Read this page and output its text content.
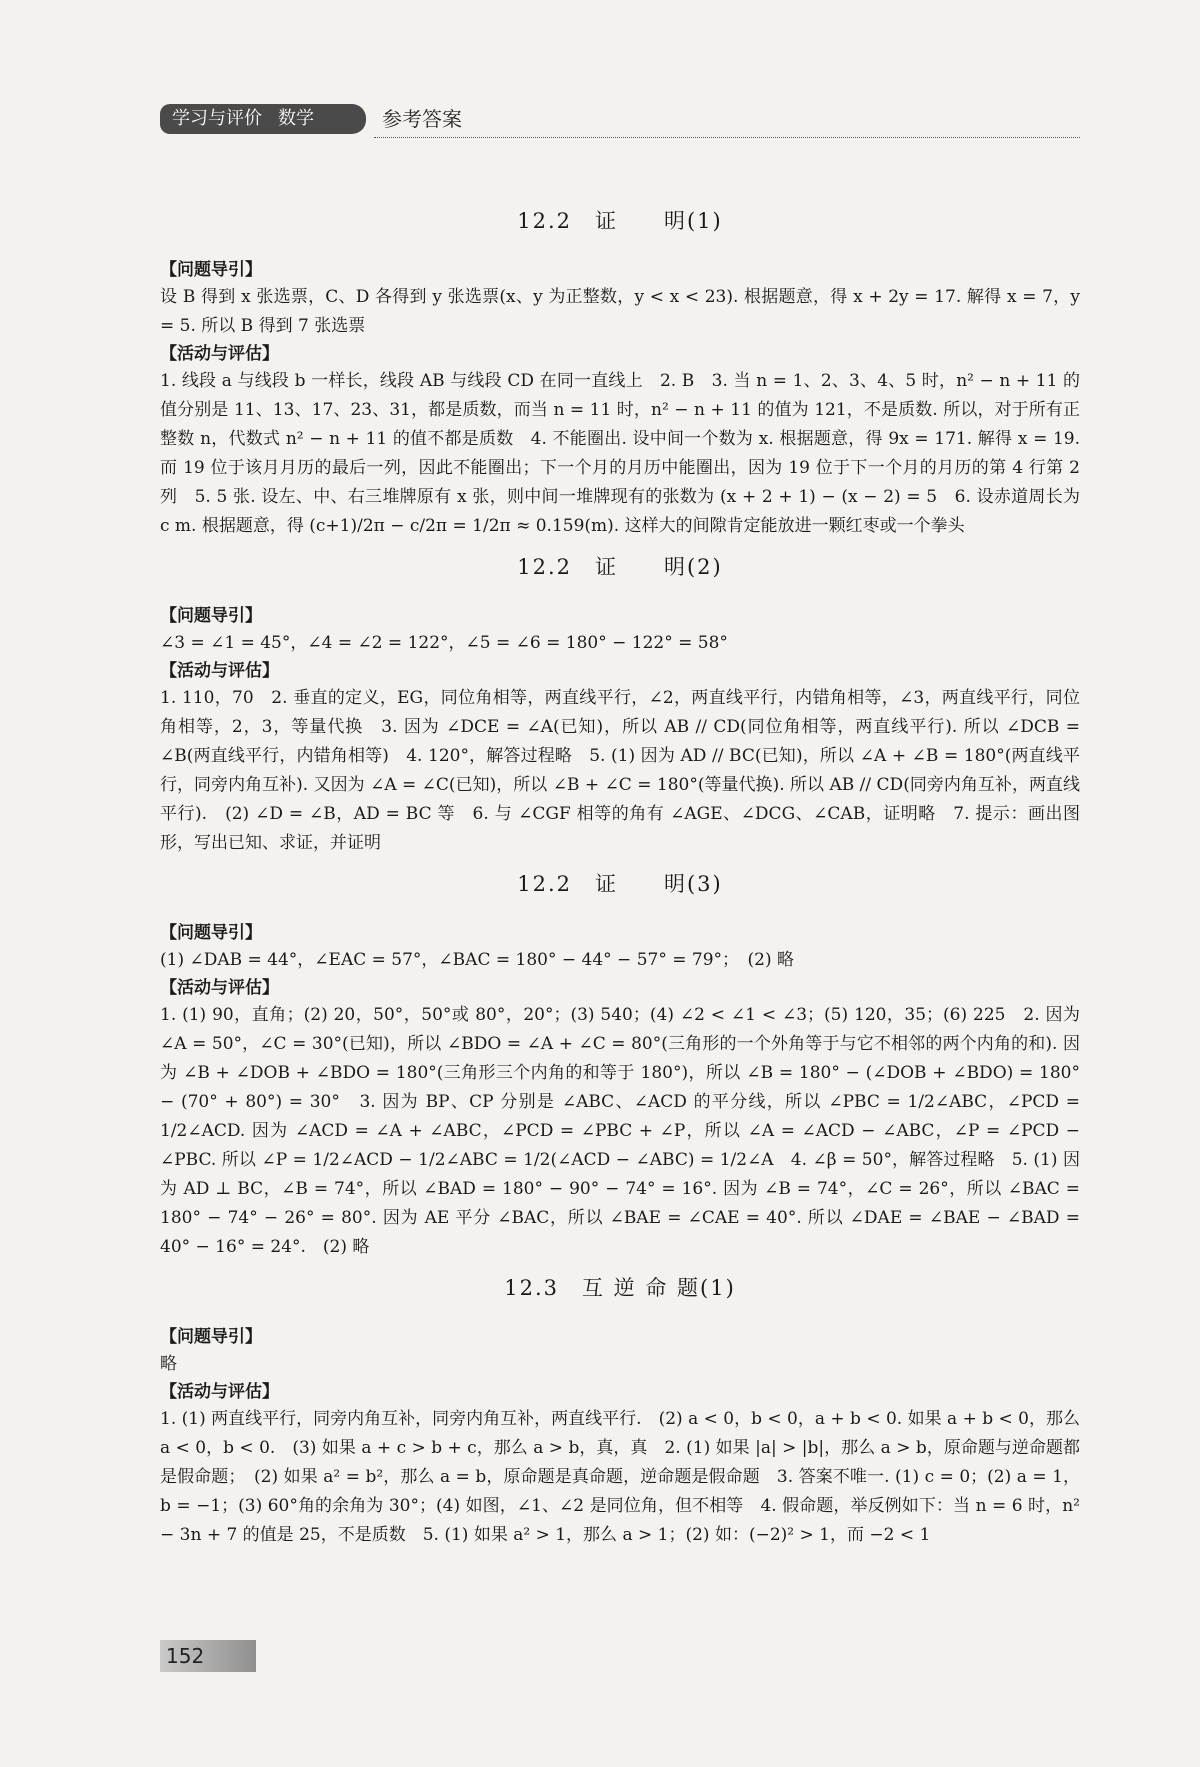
学习与评价 数学	参考答案
12.2　证　　明(1)
【问题导引】
设 B 得到 x 张选票，C、D 各得到 y 张选票(x、y 为正整数，y < x < 23). 根据题意，得 x + 2y = 17. 解得 x = 7，y = 5. 所以 B 得到 7 张选票
【活动与评估】
1. 线段 a 与线段 b 一样长，线段 AB 与线段 CD 在同一直线上　2. B　3. 当 n = 1、2、3、4、5 时，n² − n + 11 的值分别是 11、13、17、23、31，都是质数，而当 n = 11 时，n² − n + 11 的值为 121，不是质数. 所以，对于所有正整数 n，代数式 n² − n + 11 的值不都是质数　4. 不能圈出. 设中间一个数为 x. 根据题意，得 9x = 171. 解得 x = 19. 而 19 位于该月月历的最后一列，因此不能圈出；下一个月的月历中能圈出，因为 19 位于下一个月的月历的第 4 行第 2 列　5. 5 张. 设左、中、右三堆牌原有 x 张，则中间一堆牌现有的张数为 (x + 2 + 1) − (x − 2) = 5　6. 设赤道周长为 c m. 根据题意，得 (c+1)/2π − c/2π = 1/2π ≈ 0.159(m). 这样大的间隙肯定能放进一颗红枣或一个拳头
12.2　证　　明(2)
【问题导引】
∠3 = ∠1 = 45°，∠4 = ∠2 = 122°，∠5 = ∠6 = 180° − 122° = 58°
【活动与评估】
1. 110，70　2. 垂直的定义，EG，同位角相等，两直线平行，∠2，两直线平行，内错角相等，∠3，两直线平行，同位角相等，2，3，等量代换　3. 因为 ∠DCE = ∠A(已知)，所以 AB // CD(同位角相等，两直线平行). 所以 ∠DCB = ∠B(两直线平行，内错角相等)　4. 120°，解答过程略　5. (1) 因为 AD // BC(已知)，所以 ∠A + ∠B = 180°(两直线平行，同旁内角互补). 又因为 ∠A = ∠C(已知)，所以 ∠B + ∠C = 180°(等量代换). 所以 AB // CD(同旁内角互补，两直线平行).　(2) ∠D = ∠B，AD = BC 等　6. 与 ∠CGF 相等的角有 ∠AGE、∠DCG、∠CAB，证明略　7. 提示：画出图形，写出已知、求证，并证明
12.2　证　　明(3)
【问题导引】
(1) ∠DAB = 44°，∠EAC = 57°，∠BAC = 180° − 44° − 57° = 79°；　(2) 略
【活动与评估】
1. (1) 90，直角；(2) 20，50°，50°或 80°，20°；(3) 540；(4) ∠2 < ∠1 < ∠3；(5) 120，35；(6) 225　2. 因为 ∠A = 50°，∠C = 30°(已知)，所以 ∠BDO = ∠A + ∠C = 80°(三角形的一个外角等于与它不相邻的两个内角的和). 因为 ∠B + ∠DOB + ∠BDO = 180°(三角形三个内角的和等于 180°)，所以 ∠B = 180° − (∠DOB + ∠BDO) = 180° − (70° + 80°) = 30°　3. 因为 BP、CP 分别是 ∠ABC、∠ACD 的平分线，所以 ∠PBC = 1/2∠ABC，∠PCD = 1/2∠ACD. 因为 ∠ACD = ∠A + ∠ABC，∠PCD = ∠PBC + ∠P，所以 ∠A = ∠ACD − ∠ABC，∠P = ∠PCD − ∠PBC. 所以 ∠P = 1/2∠ACD − 1/2∠ABC = 1/2(∠ACD − ∠ABC) = 1/2∠A　4. ∠β = 50°，解答过程略　5. (1) 因为 AD ⊥ BC，∠B = 74°，所以 ∠BAD = 180° − 90° − 74° = 16°. 因为 ∠B = 74°，∠C = 26°，所以 ∠BAC = 180° − 74° − 26° = 80°. 因为 AE 平分 ∠BAC，所以 ∠BAE = ∠CAE = 40°. 所以 ∠DAE = ∠BAE − ∠BAD = 40° − 16° = 24°.　(2) 略
12.3　互 逆 命 题(1)
【问题导引】
略
【活动与评估】
1. (1) 两直线平行，同旁内角互补，同旁内角互补，两直线平行.　(2) a < 0，b < 0，a + b < 0. 如果 a + b < 0，那么 a < 0，b < 0.　(3) 如果 a + c > b + c，那么 a > b，真，真　2. (1) 如果 |a| > |b|，那么 a > b，原命题与逆命题都是假命题；　(2) 如果 a² = b²，那么 a = b，原命题是真命题，逆命题是假命题　3. 答案不唯一. (1) c = 0；(2) a = 1，b = −1；(3) 60°角的余角为 30°；(4) 如图，∠1、∠2 是同位角，但不相等　4. 假命题，举反例如下：当 n = 6 时，n² − 3n + 7 的值是 25，不是质数　5. (1) 如果 a² > 1，那么 a > 1；(2) 如：(−2)² > 1，而 −2 < 1
152
